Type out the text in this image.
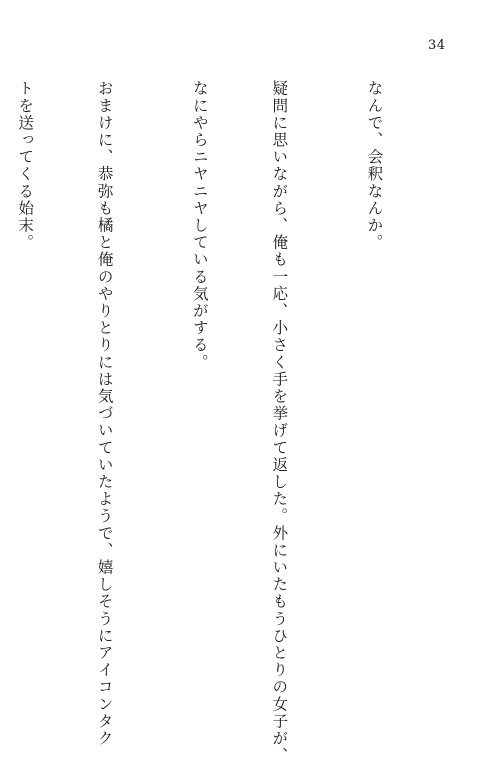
34

なんで、会釈なんか。

疑問に思いながら、俺も一応、小さく手を挙げて返した。外にいたもうひとりの女子が、

なにやらニヤニヤしている気がする。

おまけに、恭弥も橘と俺のやりとりには気づいていたようで、嬉しそうにアイコンタク

トを送ってくる始末。
